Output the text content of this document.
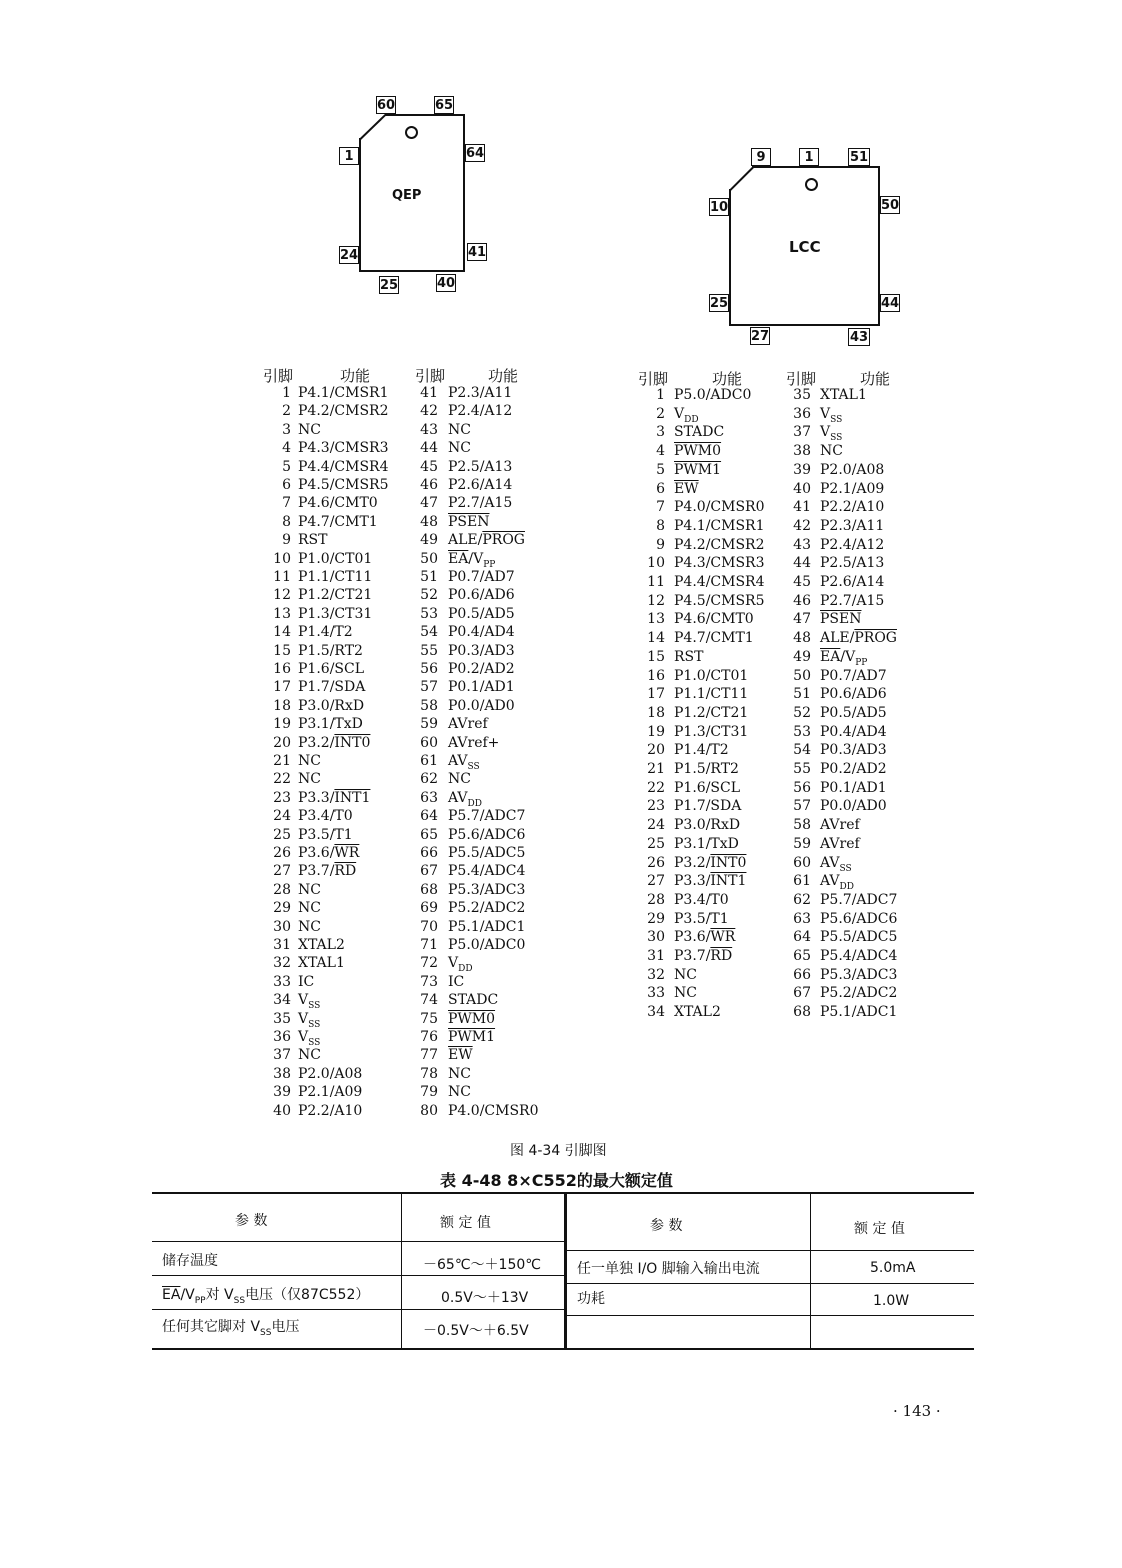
QEP
60	65
1	64
24	41
25	40
LCC
9	1	51
10	50
25	44
27	43
引脚	功能	引脚	功能	引脚	功能	引脚	功能
1 P4.1/CMSR1 41 P2.3/A11
2 P4.2/CMSR2 42 P2.4/A12
3 NC	43 NC
4 P4.3/CMSR3 44 NC
5 P4.4/CMSR4 45 P2.5/A13
6 P4.5/CMSR5 46 P2.6/A14
7 P4.6/CMT0	47 P2.7/A15
8 P4.7/CMT1	48 PSEN
9 RST	49 ALE/PROG
10 P1.0/CT01	50 $\overline{EA}/V_{PP}$
11 P1.1/CT11	51 P0.7/AD7
12 P1.2/CT21	52 P0.6/AD6
13 P1.3/CT31	53 P0.5/AD5
14 P1.4/T2	54 P0.4/AD4
15 P1.5/RT2	55 P0.3/AD3
16 P1.6/SCL	56 P0.2/AD2
17 P1.7/SDA	57 P0.1/AD1
18 P3.0/RxD	58 P0.0/AD0
19 P3.1/TxD	59 AVref
20 P3.2/INT0	60 AVref+
21 NC	61 $AV_{SS}$
22 NC	62 NC
23 P3.3/INT1	63 $AV_{DD}$
24 P3.4/T0	64 P5.7/ADC7
25 P3.5/T1	65 P5.6/ADC6
26 $P3.6/\overline{WR}$	66 P5.5/ADC5
27 $P3.7/\overline{RD}$	67 P5.4/ADC4
28 NC	68 P5.3/ADC3
29 NC	69 P5.2/ADC2
30 NC	70 P5.1/ADC1
31 XTAL2	71 P5.0/ADC0
32 XTAL1	72 $V_{DD}$
33 IC	73 IC
34 $V_{SS}$	74 STADC
35 $V_{SS}$	75 PWM0
36 $V_{SS}$	76 PWM1
37 NC	77 $\overline{EW}$
38 P2.0/A08	78 NC
39 P2.1/A09	79 NC
40 P2.2/A10	80 P4.0/CMSR0
1 P5.0/ADC0	35 XTAL1
2 $V_{DD}$	36 $V_{SS}$
3 STADC	37 $V_{SS}$
4 PWM0	38 NC
5 PWM1	39 P2.0/A08
6 $\overline{EW}$	40 P2.1/A09
7 P4.0/CMSR0 41 P2.2/A10
8 P4.1/CMSR1 42 P2.3/A11
9 P4.2/CMSR2 43 P2.4/A12
10 P4.3/CMSR3 44 P2.5/A13
11 P4.4/CMSR4 45 P2.6/A14
12 P4.5/CMSR5 46 P2.7/A15
13 P4.6/CMT0	47 PSEN
14 P4.7/CMT1	48 ALE/PROG
15 RST	49 $\overline{EA}/V_{PP}$
16 P1.0/CT01	50 P0.7/AD7
17 P1.1/CT11	51 P0.6/AD6
18 P1.2/CT21	52 P0.5/AD5
19 P1.3/CT31	53 P0.4/AD4
20 P1.4/T2	54 P0.3/AD3
21 P1.5/RT2	55 P0.2/AD2
22 P1.6/SCL	56 P0.1/AD1
23 P1.7/SDA	57 P0.0/AD0
24 P3.0/RxD	58 AVref
25 P3.1/TxD	59 AVref
26 P3.2/INT0	60 $AV_{SS}$
27 P3.3/INT1	61 $AV_{DD}$
28 P3.4/T0	62 P5.7/ADC7
29 P3.5/T1	63 P5.6/ADC6
30 $P3.6/\overline{WR}$	64 P5.5/ADC5
31 $P3.7/\overline{RD}$	65 P5.4/ADC4
32 NC	66 P5.3/ADC3
33 NC	67 P5.2/ADC2
34 XTAL2	68 P5.1/ADC1
图 4-34 引脚图
表 4-48 8×C552的最大额定值
参 数	额 定 值	参 数	额 定 值
储存温度	－65℃～＋150℃
$\overline{EA}/V_{PP}$对 $V_{SS}$电压（仅87C552）	0.5V～＋13V
任何其它脚对 $V_{SS}$电压	－0.5V～＋6.5V
任一单独 I/O 脚输入输出电流	5.0mA
功耗	1.0W
· 143 ·
